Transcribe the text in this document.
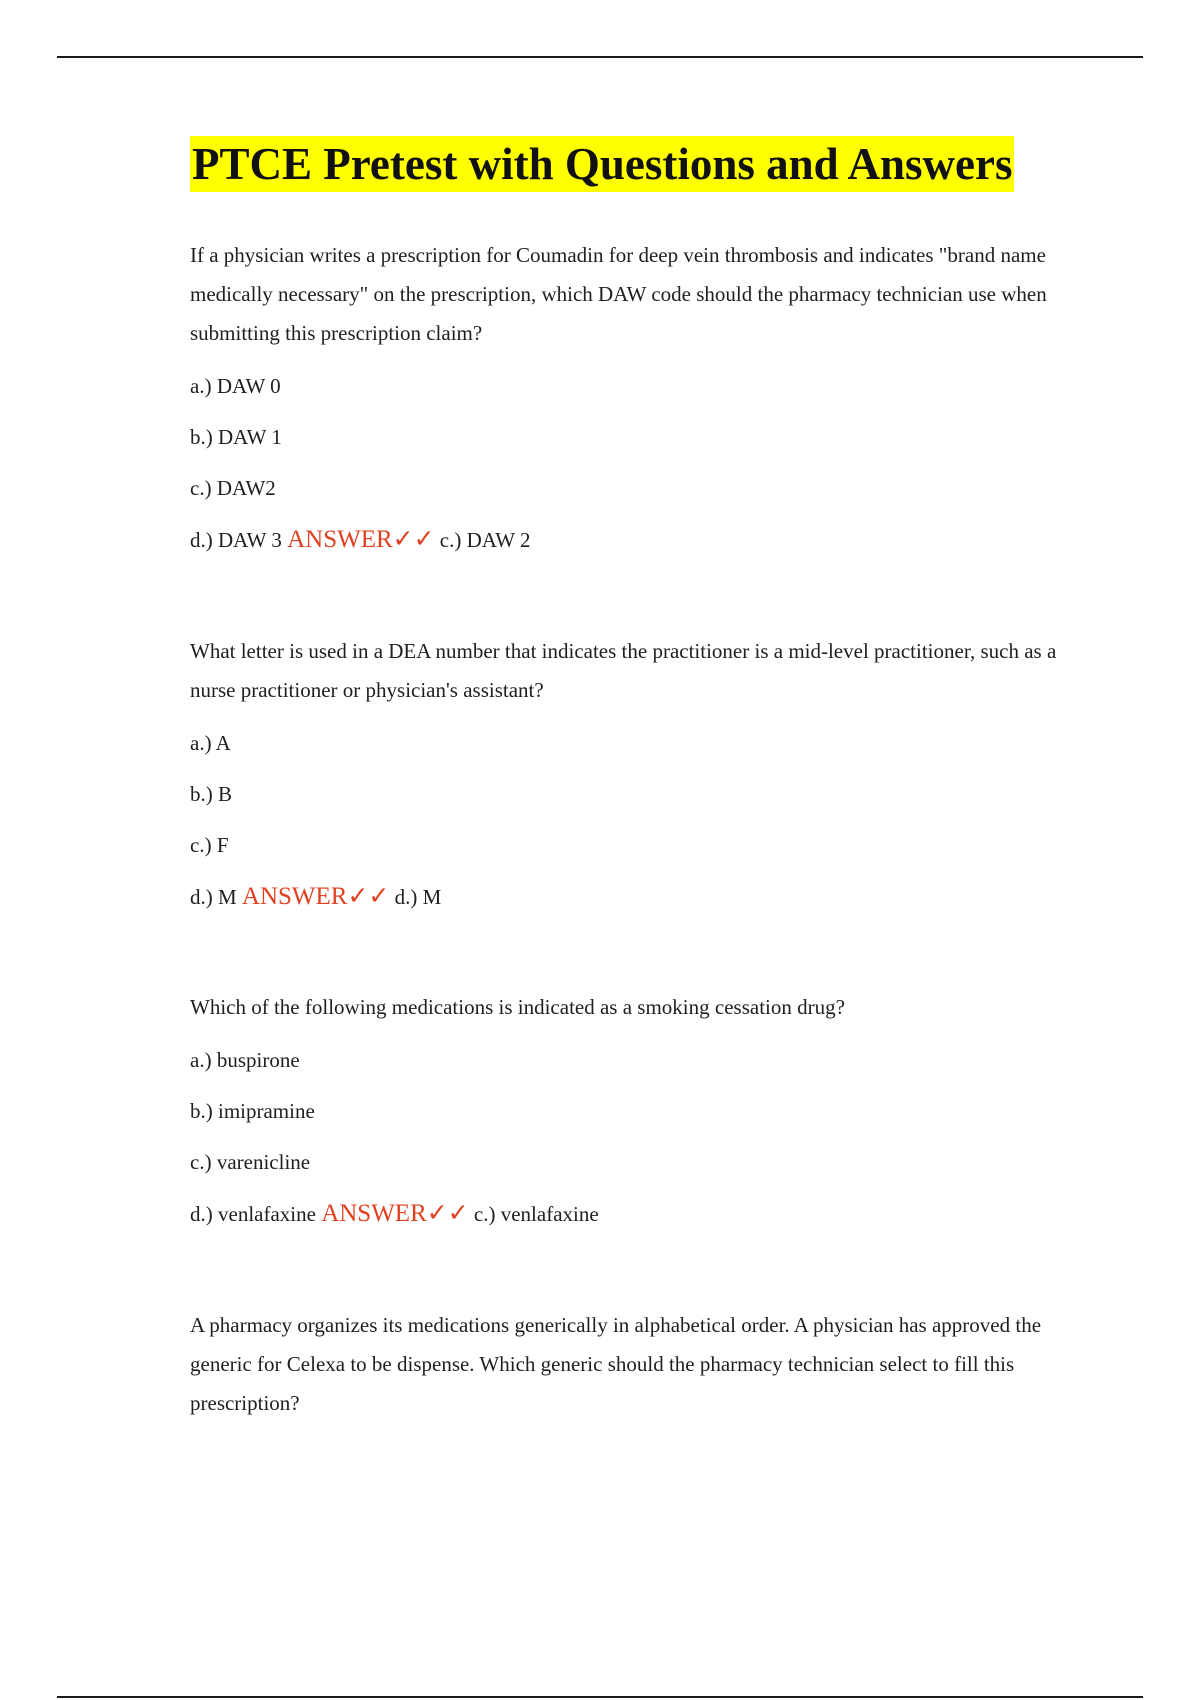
PTCE Pretest with Questions and Answers

If a physician writes a prescription for Coumadin for deep vein thrombosis and indicates "brand name medically necessary" on the prescription, which DAW code should the pharmacy technician use when submitting this prescription claim?

a.) DAW 0

b.) DAW 1

c.) DAW2

d.) DAW 3 ANSWER✓✓ c.) DAW 2

What letter is used in a DEA number that indicates the practitioner is a mid-level practitioner, such as a nurse practitioner or physician's assistant?

a.) A

b.) B

c.) F

d.) M ANSWER✓✓ d.) M

Which of the following medications is indicated as a smoking cessation drug?

a.) buspirone

b.) imipramine

c.) varenicline

d.) venlafaxine ANSWER✓✓ c.) venlafaxine

A pharmacy organizes its medications generically in alphabetical order. A physician has approved the generic for Celexa to be dispense. Which generic should the pharmacy technician select to fill this prescription?
